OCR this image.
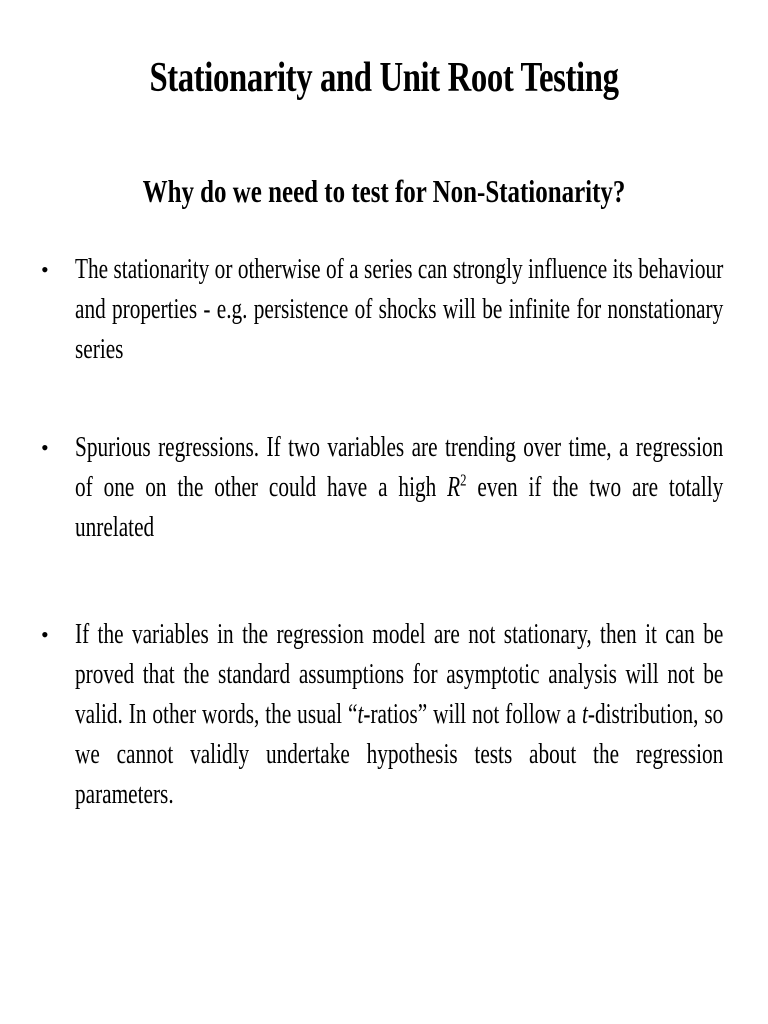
Stationarity and Unit Root Testing
Why do we need to test for Non-Stationarity?
• The stationarity or otherwise of a series can strongly influence its behaviour and properties - e.g. persistence of shocks will be infinite for nonstationary series
• Spurious regressions. If two variables are trending over time, a regression of one on the other could have a high $R^2$ even if the two are totally unrelated
• If the variables in the regression model are not stationary, then it can be proved that the standard assumptions for asymptotic analysis will not be valid. In other words, the usual “t-ratios” will not follow a t-distribution, so we cannot validly undertake hypothesis tests about the regression parameters.
